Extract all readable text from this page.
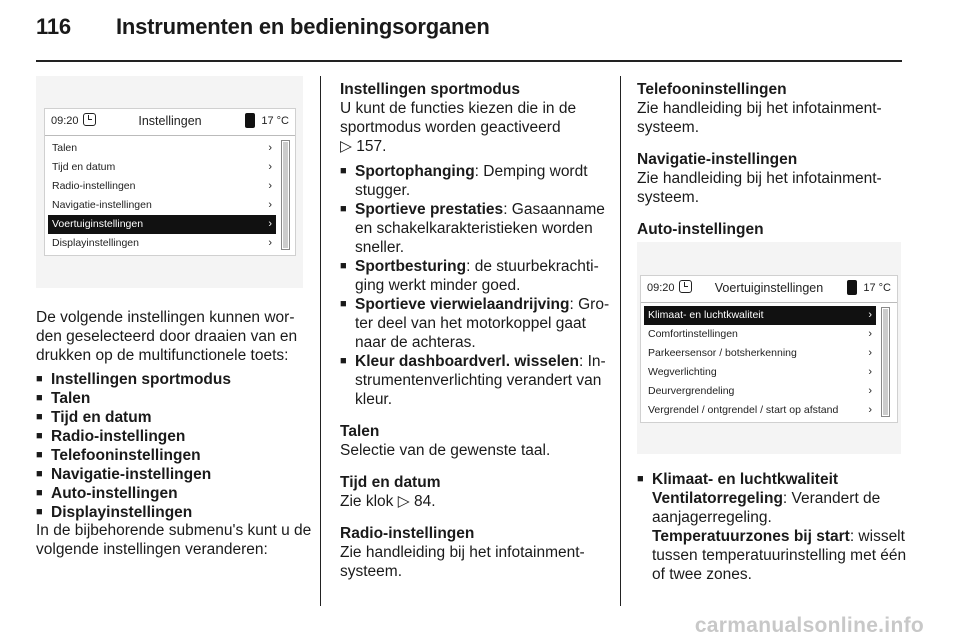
116 Instrumenten en bedieningsorganen
09:20	Instellingen	17 °C
Talen	›
Tijd en datum	›
Radio-instellingen	›
Navigatie-instellingen	›
Voertuiginstellingen	›
Displayinstellingen	›

De volgende instellingen kunnen wor-den geselecteerd door draaien van en drukken op de multifunctionele toets:

■ Instellingen sportmodus

■ Talen

■ Tijd en datum

■ Radio-instellingen

■ Telefooninstellingen

■ Navigatie-instellingen

■ Auto-instellingen

■ Displayinstellingen

In de bijbehorende submenu's kunt u de volgende instellingen veranderen:

Instellingen sportmodus

U kunt de functies kiezen die in de sportmodus worden geactiveerd
▷ 157.

■ Sportophanging: Demping wordt stugger.

■ Sportieve prestaties: Gasaanname en schakelkarakteristieken worden sneller.

■ Sportbesturing: de stuurbekrachti-ging werkt minder goed.

■ Sportieve vierwielaandrijving: Gro-ter deel van het motorkoppel gaat naar de achteras.

■ Kleur dashboardverl. wisselen: In-strumentenverlichting verandert van kleur.

Talen

Selectie van de gewenste taal.

Tijd en datum

Zie klok ▷ 84.

Radio-instellingen

Zie handleiding bij het infotainment-systeem.

Telefooninstellingen

Zie handleiding bij het infotainment-systeem.

Navigatie-instellingen

Zie handleiding bij het infotainment-systeem.

Auto-instellingen

09:20	Voertuiginstellingen	17 °C
Klimaat- en luchtkwaliteit	›
Comfortinstellingen	›
Parkeersensor / botsherkenning	›
Wegverlichting	›
Deurvergrendeling	›
Vergrendel / ontgrendel / start op afstand	›

■ Klimaat- en luchtkwaliteit

Ventilatorregeling: Verandert de aanjagerregeling.

Temperatuurzones bij start: wisselt tussen temperatuurinstelling met één of twee zones.

carmanualsonline.info
